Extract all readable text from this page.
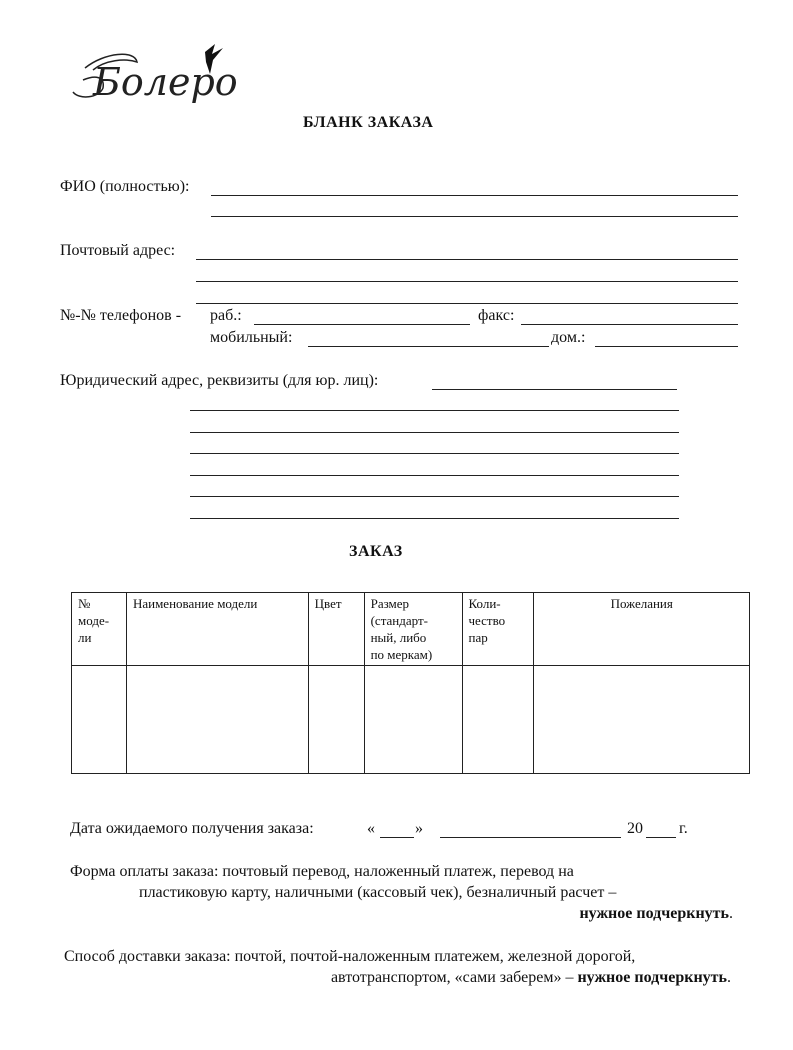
Болеро
БЛАНК ЗАКАЗА
ФИО (полностью):
Почтовый адрес:
№-№ телефонов - раб.:	факс:
мобильный:	дом.:
Юридический адрес, реквизиты (для юр. лиц):
ЗАКАЗ
№
моде-
ли	Наименование модели	Цвет	Размер
(стандарт-
ный, либо
по меркам)	Коли-
чество
пар	Пожелания

Дата ожидаемого получения заказа:	«	»	20 г.
Форма оплаты заказа: почтовый перевод, наложенный платеж, перевод на
пластиковую карту, наличными (кассовый чек), безналичный расчет –
нужное подчеркнуть.
Способ доставки заказа: почтой, почтой-наложенным платежем, железной дорогой,
автотранспортом, «сами заберем» – нужное подчеркнуть.
